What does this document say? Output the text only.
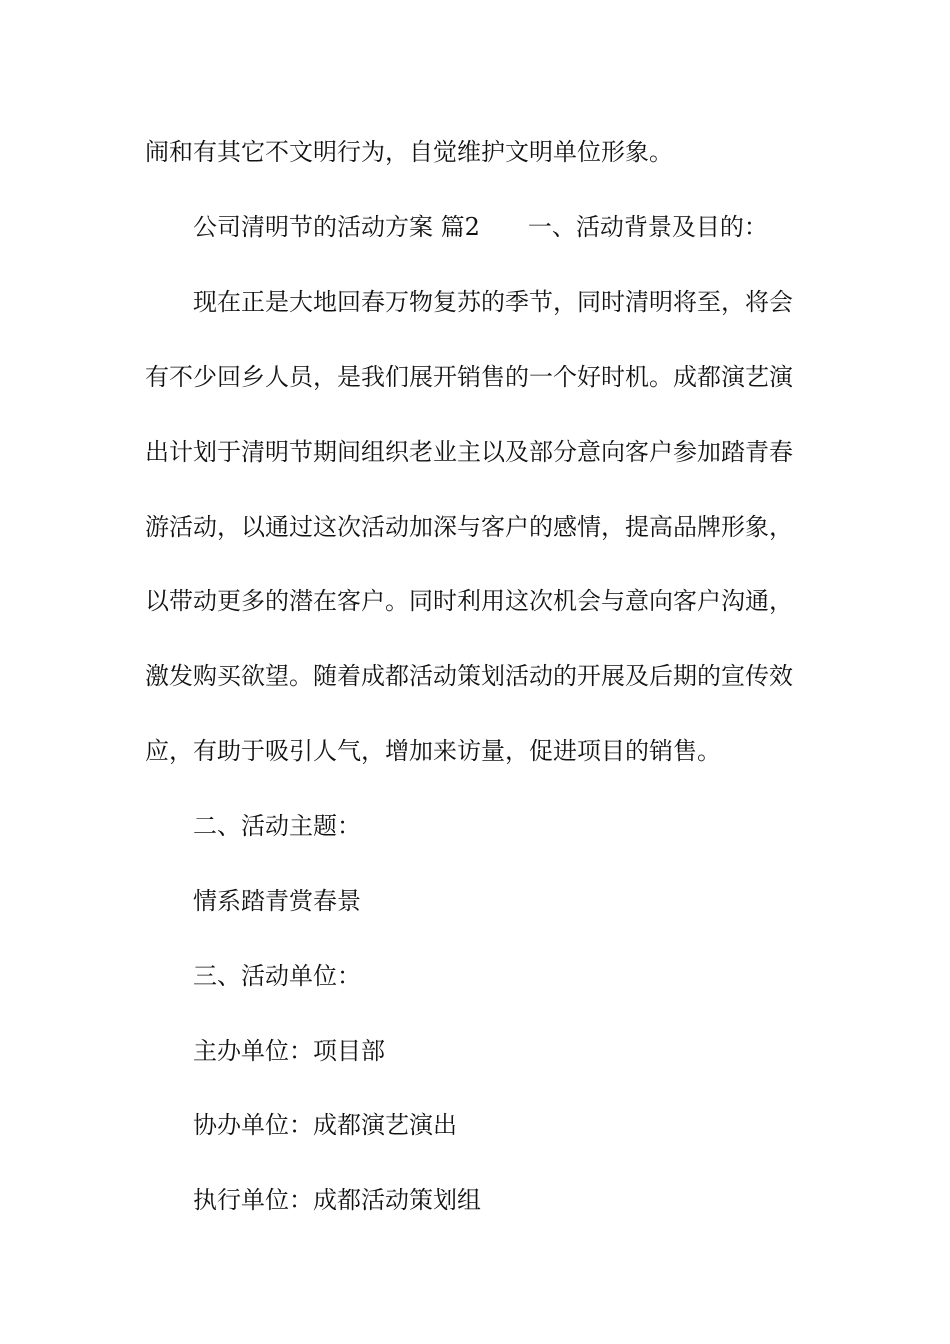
闹和有其它不文明行为，自觉维护文明单位形象。

公司清明节的活动方案 篇2 一、活动背景及目的：

现在正是大地回春万物复苏的季节，同时清明将至，将会

有不少回乡人员，是我们展开销售的一个好时机。成都演艺演

出计划于清明节期间组织老业主以及部分意向客户参加踏青春

游活动，以通过这次活动加深与客户的感情，提高品牌形象，

以带动更多的潜在客户。同时利用这次机会与意向客户沟通，

激发购买欲望。随着成都活动策划活动的开展及后期的宣传效

应，有助于吸引人气，增加来访量，促进项目的销售。

二、活动主题：

情系踏青赏春景

三、活动单位：

主办单位：项目部

协办单位：成都演艺演出

执行单位：成都活动策划组
